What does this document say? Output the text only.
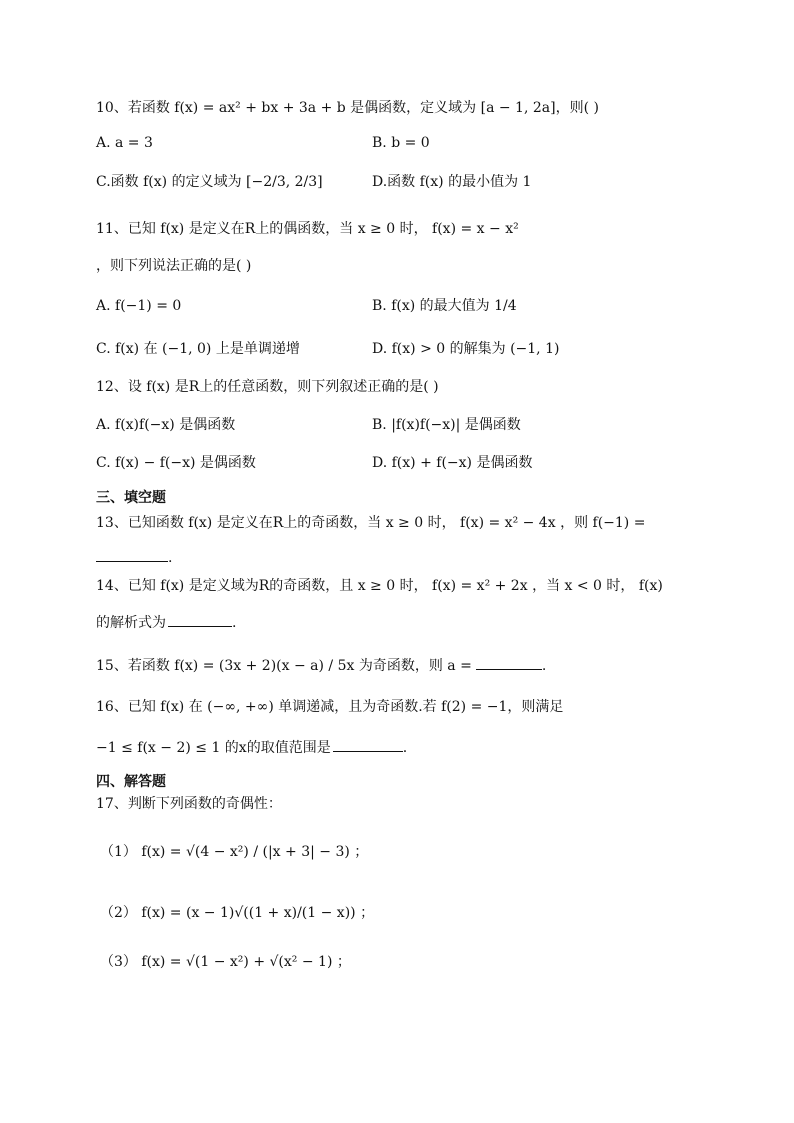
10、若函数 f(x) = ax² + bx + 3a + b 是偶函数，定义域为 [a − 1, 2a]，则( )
A. a = 3	B. b = 0
C.函数 f(x) 的定义域为 [−2/3, 2/3]	D.函数 f(x) 的最小值为 1
11、已知 f(x) 是定义在R上的偶函数，当 x ≥ 0 时， f(x) = x − x²
，则下列说法正确的是( )
A. f(−1) = 0	B. f(x) 的最大值为 1/4
C. f(x) 在 (−1, 0) 上是单调递增	D. f(x) > 0 的解集为 (−1, 1)
12、设 f(x) 是R上的任意函数，则下列叙述正确的是( )
A. f(x)f(−x) 是偶函数	B. |f(x)f(−x)| 是偶函数
C. f(x) − f(−x) 是偶函数	D. f(x) + f(−x) 是偶函数
三、填空题
13、已知函数 f(x) 是定义在R上的奇函数，当 x ≥ 0 时， f(x) = x² − 4x ，则 f(−1) =
.
14、已知 f(x) 是定义域为R的奇函数，且 x ≥ 0 时， f(x) = x² + 2x ，当 x < 0 时， f(x)
的解析式为	.
15、若函数 f(x) = (3x + 2)(x − a) / 5x 为奇函数，则 a =	.
16、已知 f(x) 在 (−∞, +∞) 单调递减，且为奇函数.若 f(2) = −1，则满足
−1 ≤ f(x − 2) ≤ 1 的x的取值范围是	.
四、解答题
17、判断下列函数的奇偶性：
（1） f(x) = √(4 − x²) / (|x + 3| − 3) ；
（2） f(x) = (x − 1)√((1 + x)/(1 − x)) ；
（3） f(x) = √(1 − x²) + √(x² − 1) ；
